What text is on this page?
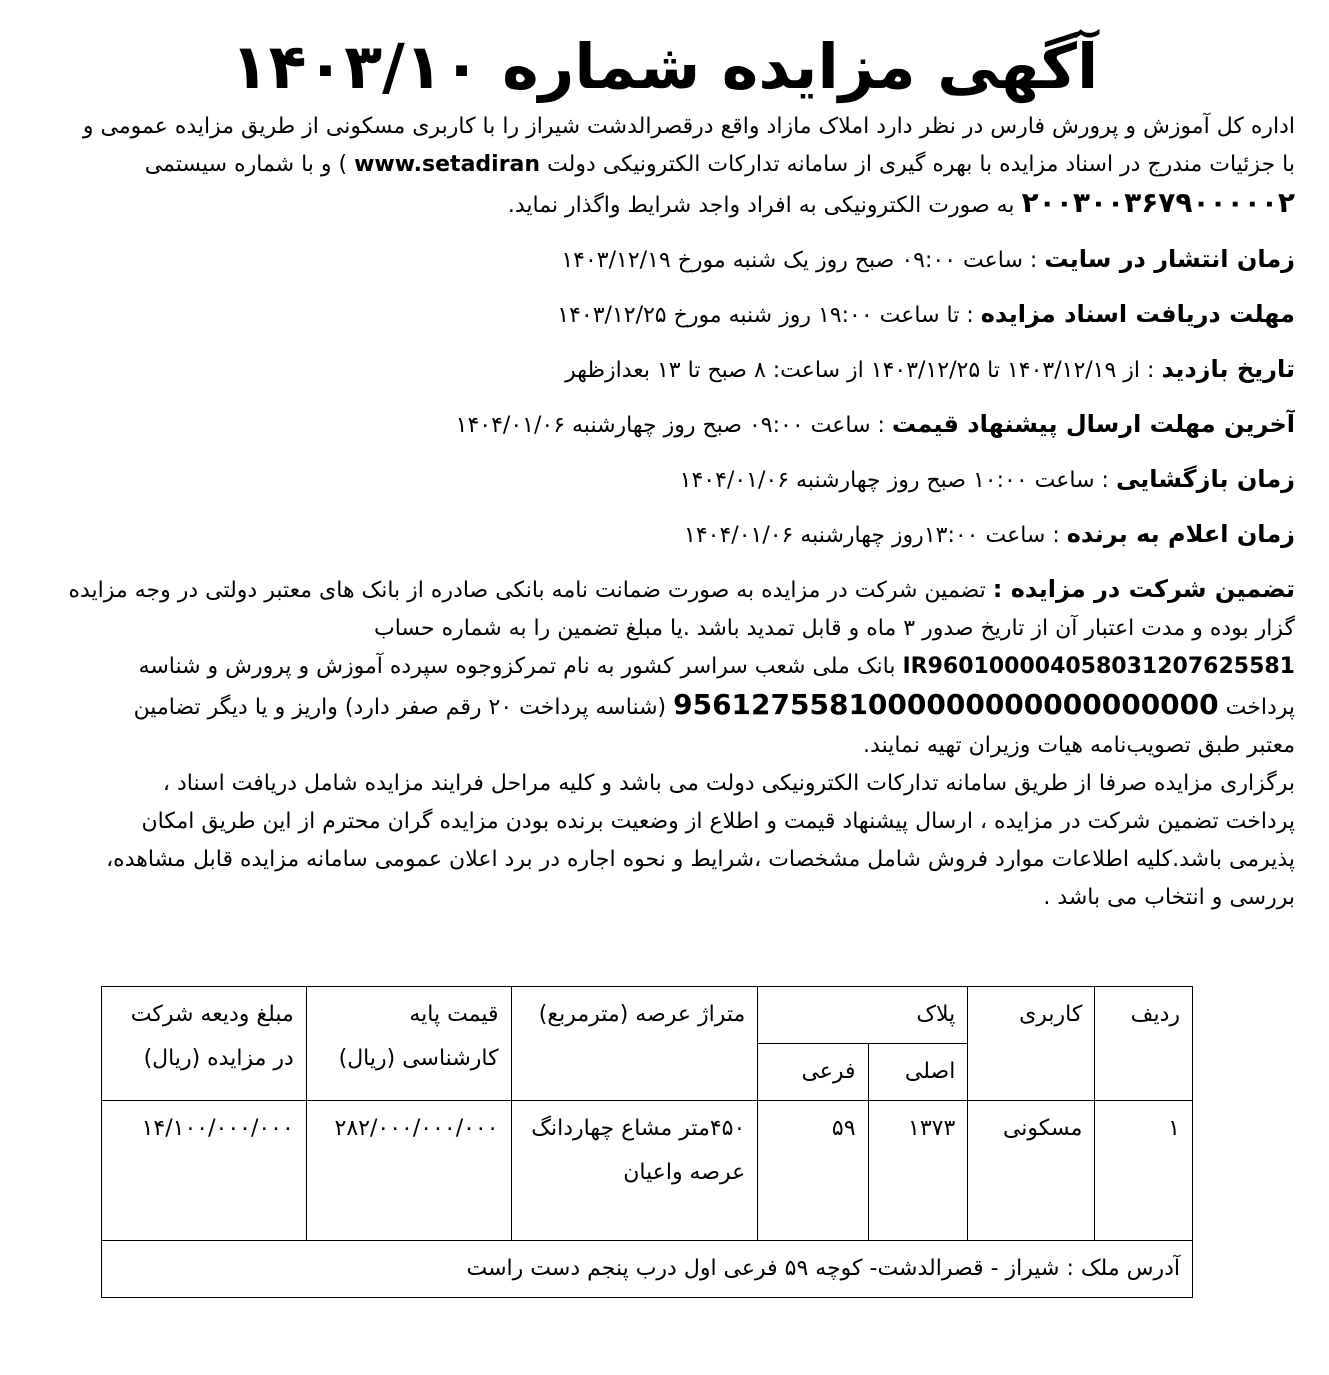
آگهی مزایده شماره ۱۴۰۳/۱۰
اداره کل آموزش و پرورش فارس در نظر دارد املاک مازاد واقع درقصرالدشت شیراز را با کاربری مسکونی از طریق مزایده عمومی و
با جزئیات مندرج در اسناد مزایده با بهره گیری از سامانه تدارکات الکترونیکی دولت www.setadiran ) و با شماره سیستمی
۲۰۰۳۰۰۳۶۷۹۰۰۰۰۰۲ به صورت الکترونیکی به افراد واجد شرایط واگذار نماید.
زمان انتشار در سایت : ساعت ۰۹:۰۰ صبح روز یک شنبه مورخ ۱۴۰۳/۱۲/۱۹
مهلت دریافت اسناد مزایده : تا ساعت ۱۹:۰۰ روز شنبه مورخ ۱۴۰۳/۱۲/۲۵
تاریخ بازدید : از ۱۴۰۳/۱۲/۱۹ تا ۱۴۰۳/۱۲/۲۵ از ساعت: ۸ صبح تا ۱۳ بعدازظهر
آخرین مهلت ارسال پیشنهاد قیمت : ساعت ۰۹:۰۰ صبح روز چهارشنبه ۱۴۰۴/۰۱/۰۶
زمان بازگشایی : ساعت ۱۰:۰۰ صبح روز چهارشنبه ۱۴۰۴/۰۱/۰۶
زمان اعلام به برنده : ساعت ۱۳:۰۰روز چهارشنبه ۱۴۰۴/۰۱/۰۶
تضمین شرکت در مزایده : تضمین شرکت در مزایده به صورت ضمانت نامه بانکی صادره از بانک های معتبر دولتی در وجه مزایده
گزار بوده و مدت اعتبار آن از تاریخ صدور ۳ ماه و قابل تمدید باشد .یا مبلغ تضمین را به شماره حساب
IR960100004058031207625581 بانک ملی شعب سراسر کشور به نام تمرکزوجوه سپرده آموزش و پرورش و شناسه
پرداخت 9561275581000000000000000000 (شناسه پرداخت ۲۰ رقم صفر دارد) واریز و یا دیگر تضامین
معتبر طبق تصویب‌نامه هیات وزیران تهیه نمایند.
برگزاری مزایده صرفا از طریق سامانه تدارکات الکترونیکی دولت می باشد و کلیه مراحل فرایند مزایده شامل دریافت اسناد ،
پرداخت تضمین شرکت در مزایده ، ارسال پیشنهاد قیمت و اطلاع از وضعیت برنده بودن مزایده گران محترم از این طریق امکان
پذیرمی باشد.کلیه اطلاعات موارد فروش شامل مشخصات ،شرایط و نحوه اجاره در برد اعلان عمومی سامانه مزایده قابل مشاهده،
بررسی و انتخاب می باشد .
ردیف	کاربری	پلاک		متراژ عرصه (مترمربع)	قیمت پایه کارشناسی (ریال)	مبلغ ودیعه شرکت در مزایده (ریال)
		اصلی	فرعی			
۱	مسکونی	۱۳۷۳	۵۹	۴۵۰متر مشاع چهاردانگ عرصه واعیان	۲۸۲/۰۰۰/۰۰۰/۰۰۰	۱۴/۱۰۰/۰۰۰/۰۰۰
آدرس ملک : شیراز - قصرالدشت- کوچه ۵۹ فرعی اول درب پنجم دست راست						
